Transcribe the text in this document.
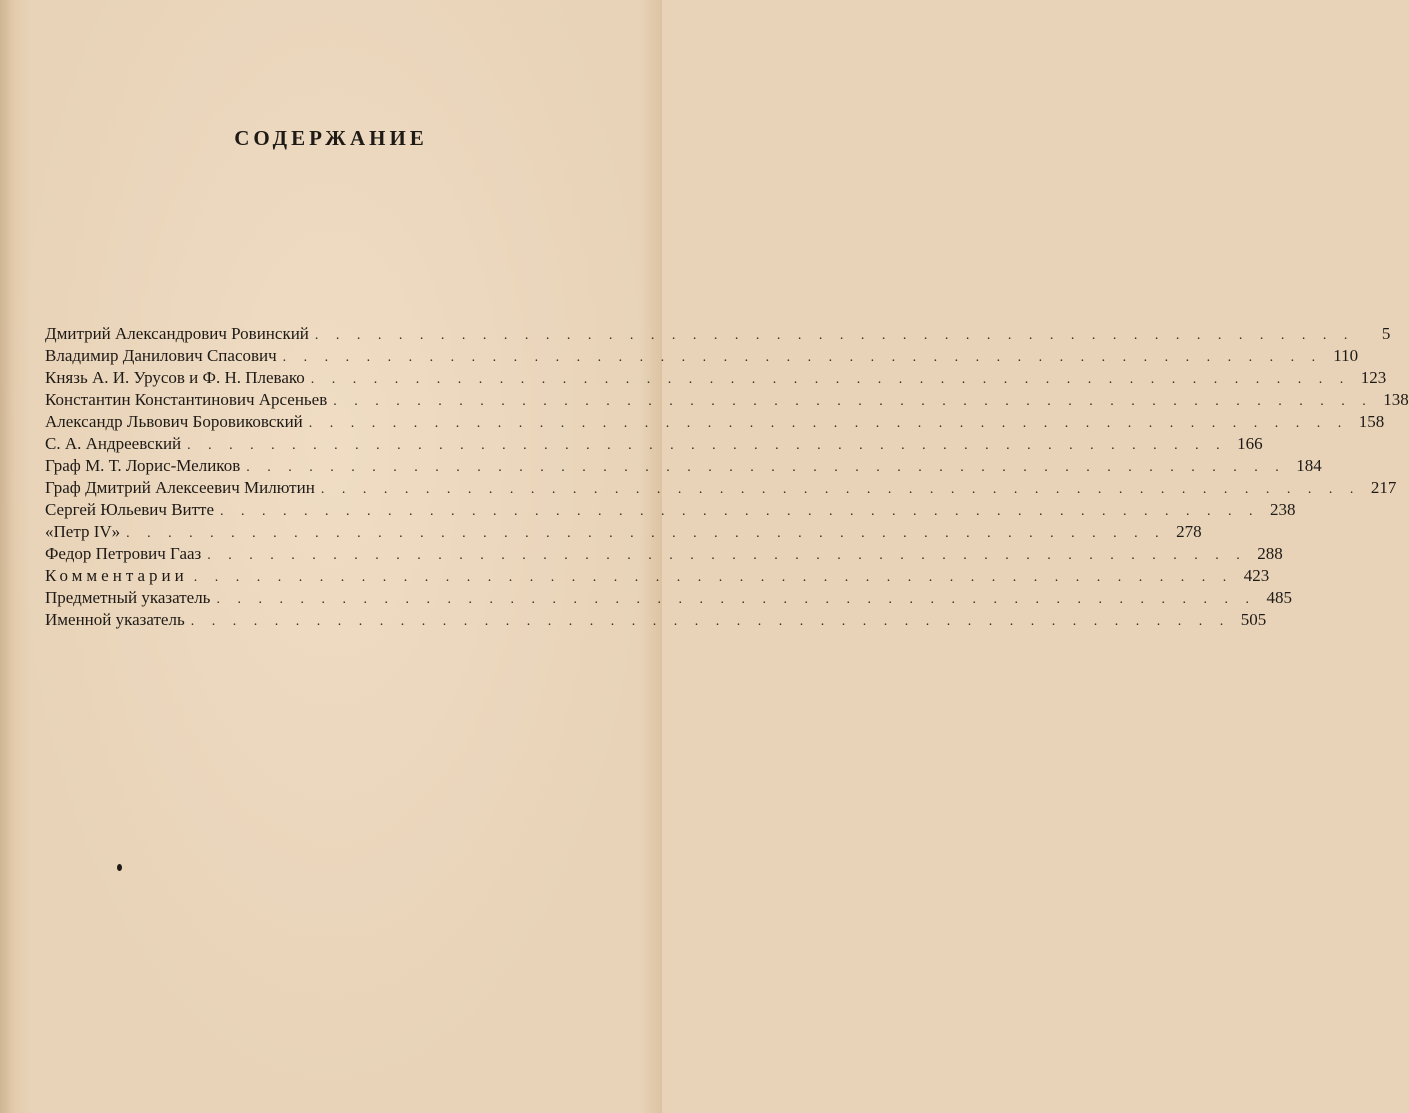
СОДЕРЖАНИЕ
Дмитрий Александрович Ровинский . . . . . . . . . . . . . . . . . . . . . . . . . . . . . . . . . . . . . . . . . . . . . . . . . .	5
Владимир Данилович Спасович . . . . . . . . . . . . . . . . . . . . . . . . . . . . . . . . . . . . . . . . . . . . . . . . . . 110
Князь А. И. Урусов и Ф. Н. Плевако . . . . . . . . . . . . . . . . . . . . . . . . . . . . . . . . . . . . . . . . . . . . . . . . . . 123
Константин Константинович Арсеньев . . . . . . . . . . . . . . . . . . . . . . . . . . . . . . . . . . . . . . . . . . . . . . . . . . 138
Александр Львович Боровиковский . . . . . . . . . . . . . . . . . . . . . . . . . . . . . . . . . . . . . . . . . . . . . . . . . . 158
С. А. Андреевский . . . . . . . . . . . . . . . . . . . . . . . . . . . . . . . . . . . . . . . . . . . . . . . . . . 166
Граф М. Т. Лорис-Меликов . . . . . . . . . . . . . . . . . . . . . . . . . . . . . . . . . . . . . . . . . . . . . . . . . . 184
Граф Дмитрий Алексеевич Милютин . . . . . . . . . . . . . . . . . . . . . . . . . . . . . . . . . . . . . . . . . . . . . . . . . . 217
Сергей Юльевич Витте . . . . . . . . . . . . . . . . . . . . . . . . . . . . . . . . . . . . . . . . . . . . . . . . . . 238
«Петр IV» . . . . . . . . . . . . . . . . . . . . . . . . . . . . . . . . . . . . . . . . . . . . . . . . . . 278
Федор Петрович Гааз . . . . . . . . . . . . . . . . . . . . . . . . . . . . . . . . . . . . . . . . . . . . . . . . . . 288
Комментарии . . . . . . . . . . . . . . . . . . . . . . . . . . . . . . . . . . . . . . . . . . . . . . . . . . 423
Предметный указатель . . . . . . . . . . . . . . . . . . . . . . . . . . . . . . . . . . . . . . . . . . . . . . . . . . 485
Именной указатель . . . . . . . . . . . . . . . . . . . . . . . . . . . . . . . . . . . . . . . . . . . . . . . . . . 505
